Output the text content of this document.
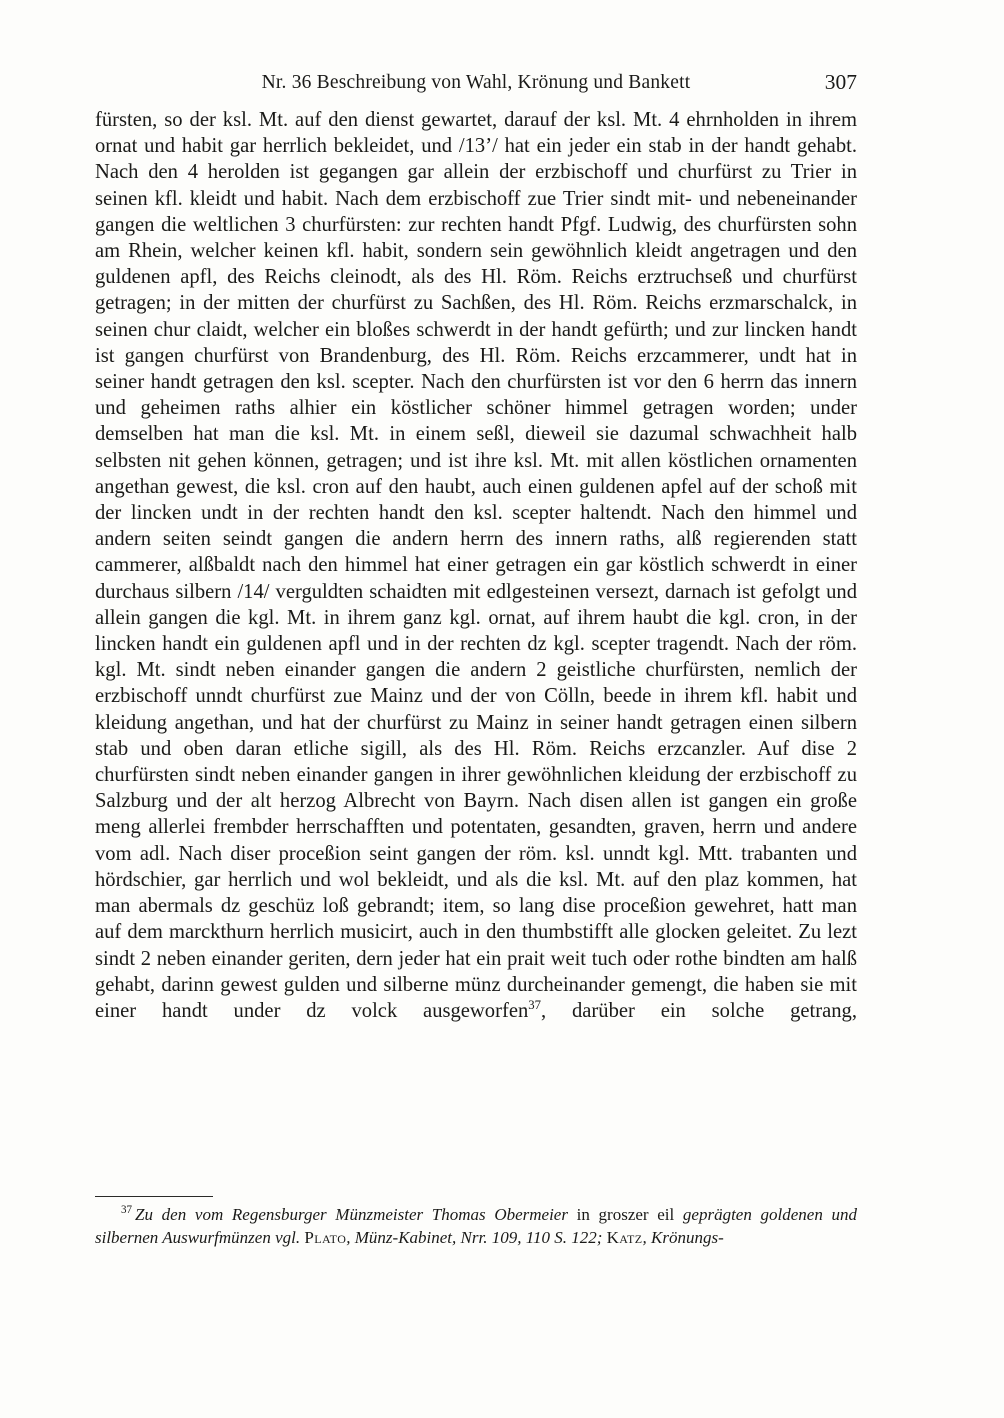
Nr. 36 Beschreibung von Wahl, Krönung und Bankett	307

fürsten, so der ksl. Mt. auf den dienst gewartet, darauf der ksl. Mt. 4 ehrnholden in ihrem ornat und habit gar herrlich bekleidet, und /13’/ hat ein jeder ein stab in der handt gehabt. Nach den 4 herolden ist gegangen gar allein der erzbischoff und churfürst zu Trier in seinen kfl. kleidt und habit. Nach dem erzbischoff zue Trier sindt mit- und nebeneinander gangen die weltlichen 3 churfürsten: zur rechten handt Pfgf. Ludwig, des churfürsten sohn am Rhein, welcher keinen kfl. habit, sondern sein gewöhnlich kleidt angetragen und den guldenen apfl, des Reichs cleinodt, als des Hl. Röm. Reichs erztruchseß und churfürst getragen; in der mitten der churfürst zu Sachßen, des Hl. Röm. Reichs erzmarschalck, in seinen chur claidt, welcher ein bloßes schwerdt in der handt gefürth; und zur lincken handt ist gangen churfürst von Brandenburg, des Hl. Röm. Reichs erzcammerer, undt hat in seiner handt getragen den ksl. scepter. Nach den churfürsten ist vor den 6 herrn das innern und geheimen raths alhier ein köstlicher schöner himmel getragen worden; under demselben hat man die ksl. Mt. in einem seßl, dieweil sie dazumal schwachheit halb selbsten nit gehen können, getragen; und ist ihre ksl. Mt. mit allen köstlichen ornamenten angethan gewest, die ksl. cron auf den haubt, auch einen guldenen apfel auf der schoß mit der lincken undt in der rechten handt den ksl. scepter haltendt. Nach den himmel und andern seiten seindt gangen die andern herrn des innern raths, alß regierenden statt cammerer, alßbaldt nach den himmel hat einer getragen ein gar köstlich schwerdt in einer durchaus silbern /14/ verguldten schaidten mit edlgesteinen versezt, darnach ist gefolgt und allein gangen die kgl. Mt. in ihrem ganz kgl. ornat, auf ihrem haubt die kgl. cron, in der lincken handt ein guldenen apfl und in der rechten dz kgl. scepter tragendt. Nach der röm. kgl. Mt. sindt neben einander gangen die andern 2 geistliche churfürsten, nemlich der erzbischoff unndt churfürst zue Mainz und der von Cölln, beede in ihrem kfl. habit und kleidung angethan, und hat der churfürst zu Mainz in seiner handt getragen einen silbern stab und oben daran etliche sigill, als des Hl. Röm. Reichs erzcanzler. Auf dise 2 churfürsten sindt neben einander gangen in ihrer gewöhnlichen kleidung der erzbischoff zu Salzburg und der alt herzog Albrecht von Bayrn. Nach disen allen ist gangen ein große meng allerlei frembder herrschafften und potentaten, gesandten, graven, herrn und andere vom adl. Nach diser proceßion seint gangen der röm. ksl. unndt kgl. Mtt. trabanten und hördschier, gar herrlich und wol bekleidt, und als die ksl. Mt. auf den plaz kommen, hat man abermals dz geschüz loß gebrandt; item, so lang dise proceßion gewehret, hatt man auf dem marckthurn herrlich musicirt, auch in den thumbstifft alle glocken geleitet. Zu lezt sindt 2 neben einander geriten, dern jeder hat ein prait weit tuch oder rothe bindten am halß gehabt, darinn gewest gulden und silberne münz durcheinander gemengt, die haben sie mit einer handt under dz volck ausgeworfen$^{37}$, darüber ein solche getrang,

$^{37}$ Zu den vom Regensburger Münzmeister Thomas Obermeier in groszer eil geprägten goldenen und silbernen Auswurfmünzen vgl. Plato, Münz-Kabinet, Nrr. 109, 110 S. 122; Katz, Krönungs-
